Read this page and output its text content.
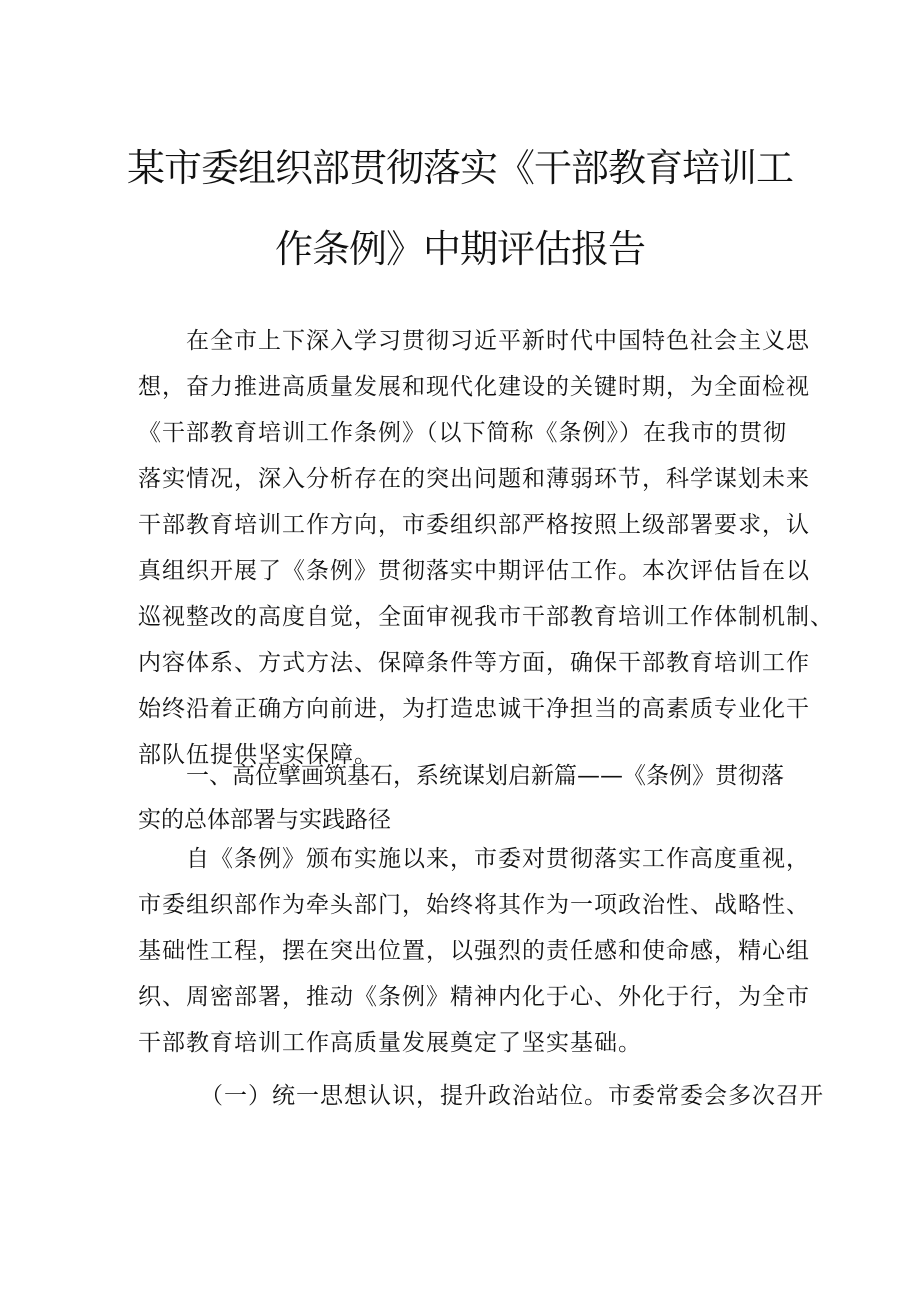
某市委组织部贯彻落实《干部教育培训工
作条例》中期评估报告
在全市上下深入学习贯彻习近平新时代中国特色社会主义思
想，奋力推进高质量发展和现代化建设的关键时期，为全面检视
《干部教育培训工作条例》（以下简称《条例》）在我市的贯彻
落实情况，深入分析存在的突出问题和薄弱环节，科学谋划未来
干部教育培训工作方向，市委组织部严格按照上级部署要求，认
真组织开展了《条例》贯彻落实中期评估工作。本次评估旨在以
巡视整改的高度自觉，全面审视我市干部教育培训工作体制机制、
内容体系、方式方法、保障条件等方面，确保干部教育培训工作
始终沿着正确方向前进，为打造忠诚干净担当的高素质专业化干
部队伍提供坚实保障。
一、高位擘画筑基石，系统谋划启新篇——《条例》贯彻落
实的总体部署与实践路径
自《条例》颁布实施以来，市委对贯彻落实工作高度重视，
市委组织部作为牵头部门，始终将其作为一项政治性、战略性、
基础性工程，摆在突出位置，以强烈的责任感和使命感，精心组
织、周密部署，推动《条例》精神内化于心、外化于行，为全市
干部教育培训工作高质量发展奠定了坚实基础。
（一）统一思想认识，提升政治站位。市委常委会多次召开
